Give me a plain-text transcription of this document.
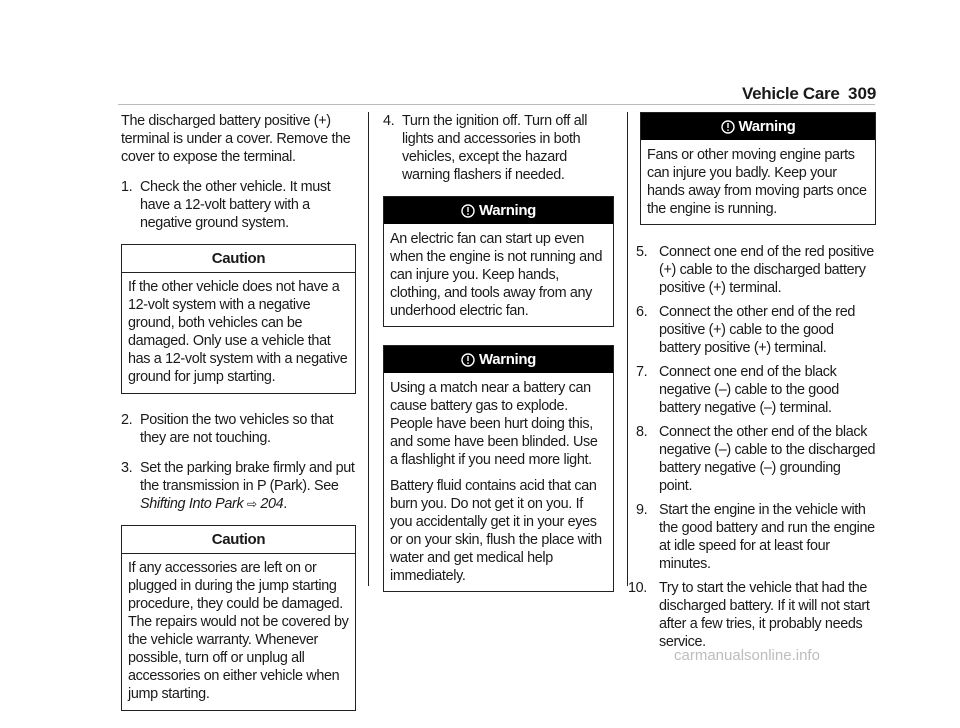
Vehicle Care 309

The discharged battery positive (+) terminal is under a cover. Remove the cover to expose the terminal.

1. Check the other vehicle. It must have a 12-volt battery with a negative ground system.
Caution
If the other vehicle does not have a 12-volt system with a negative ground, both vehicles can be damaged. Only use a vehicle that has a 12-volt system with a negative ground for jump starting.
2. Position the two vehicles so that they are not touching.
3. Set the parking brake firmly and put the transmission in P (Park). See Shifting Into Park ⇨ 204.
Caution
If any accessories are left on or plugged in during the jump starting procedure, they could be damaged. The repairs would not be covered by the vehicle warranty. Whenever possible, turn off or unplug all accessories on either vehicle when jump starting.
4. Turn the ignition off. Turn off all lights and accessories in both vehicles, except the hazard warning flashers if needed.
Warning
An electric fan can start up even when the engine is not running and can injure you. Keep hands, clothing, and tools away from any underhood electric fan.
Warning

Using a match near a battery can cause battery gas to explode. People have been hurt doing this, and some have been blinded. Use a flashlight if you need more light.

Battery fluid contains acid that can burn you. Do not get it on you. If you accidentally get it in your eyes or on your skin, flush the place with water and get medical help immediately.

Warning
Fans or other moving engine parts can injure you badly. Keep your hands away from moving parts once the engine is running.
5. Connect one end of the red positive (+) cable to the discharged battery positive (+) terminal.
6. Connect the other end of the red positive (+) cable to the good battery positive (+) terminal.
7. Connect one end of the black negative (–) cable to the good battery negative (–) terminal.
8. Connect the other end of the black negative (–) cable to the discharged battery negative (–) grounding point.
9. Start the engine in the vehicle with the good battery and run the engine at idle speed for at least four minutes.
10. Try to start the vehicle that had the discharged battery. If it will not start after a few tries, it probably needs service.
carmanualsonline.info
